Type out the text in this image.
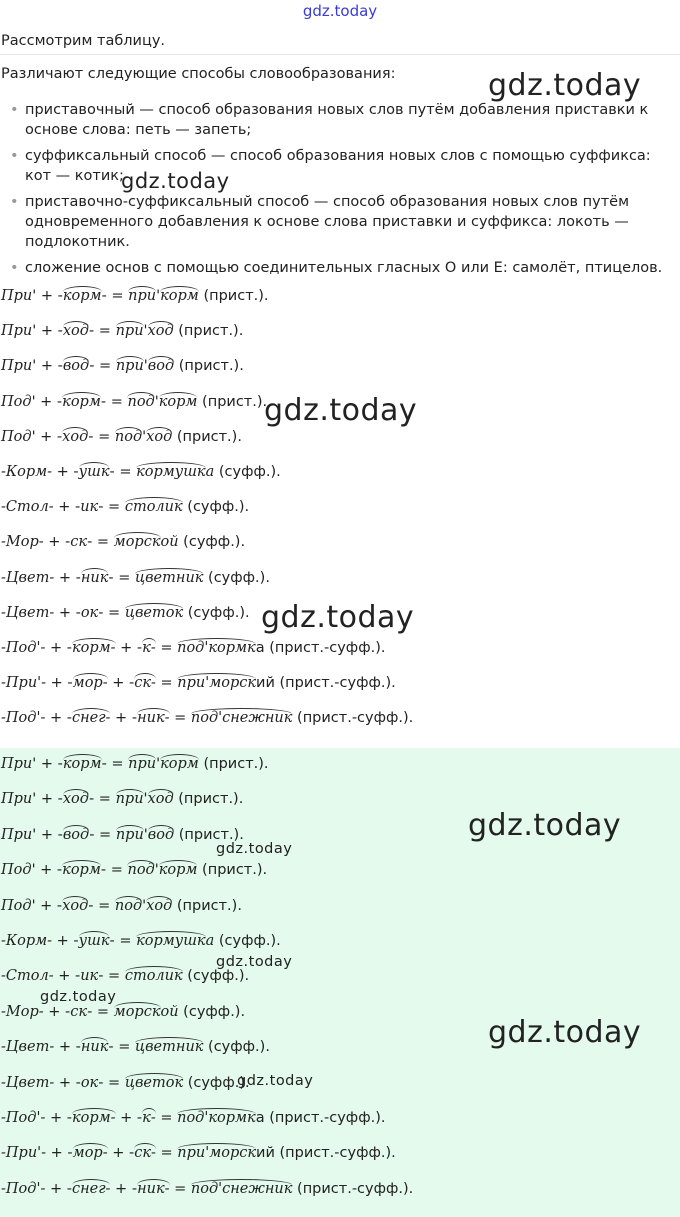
gdz.today
Рассмотрим таблицу.
Различают следующие способы словообразования:
• приставочный — способ образования новых слов путём добавления приставки к основе слова: петь — запеть;
• суффиксальный способ — способ образования новых слов с помощью суффикса: кот — котик;
• приставочно-суффиксальный способ — способ образования новых слов путём одновременного добавления к основе слова приставки и суффикса: локоть — подлокотник.
• сложение основ с помощью соединительных гласных О или Е: самолёт, птицелов.
При' + -корм- = при'корм (прист.).
При' + -ход- = при'ход (прист.).
При' + -вод- = при'вод (прист.).
Под' + -корм- = под'корм (прист.).
Под' + -ход- = под'ход (прист.).
-Корм- + -ушк- = кормушка (суфф.).
-Стол- + -ик- = столик (суфф.).
-Мор- + -ск- = морской (суфф.).
-Цвет- + -ник- = цветник (суфф.).
-Цвет- + -ок- = цветок (суфф.).
-Под'- + -корм- + -к- = под'кормка (прист.-суфф.).
-При'- + -мор- + -ск- = при'морский (прист.-суфф.).
-Под'- + -снег- + -ник- = под'снежник (прист.-суфф.).
При' + -корм- = при'корм (прист.).
При' + -ход- = при'ход (прист.).
При' + -вод- = при'вод (прист.).
Под' + -корм- = под'корм (прист.).
Под' + -ход- = под'ход (прист.).
-Корм- + -ушк- = кормушка (суфф.).
-Стол- + -ик- = столик (суфф.).
-Мор- + -ск- = морской (суфф.).
-Цвет- + -ник- = цветник (суфф.).
-Цвет- + -ок- = цветок (суфф.).
-Под'- + -корм- + -к- = под'кормка (прист.-суфф.).
-При'- + -мор- + -ск- = при'морский (прист.-суфф.).
-Под'- + -снег- + -ник- = под'снежник (прист.-суфф.).
gdz.today
gdz.today
gdz.today
gdz.today
gdz.today
gdz.today
gdz.today
gdz.today
gdz.today
gdz.today
